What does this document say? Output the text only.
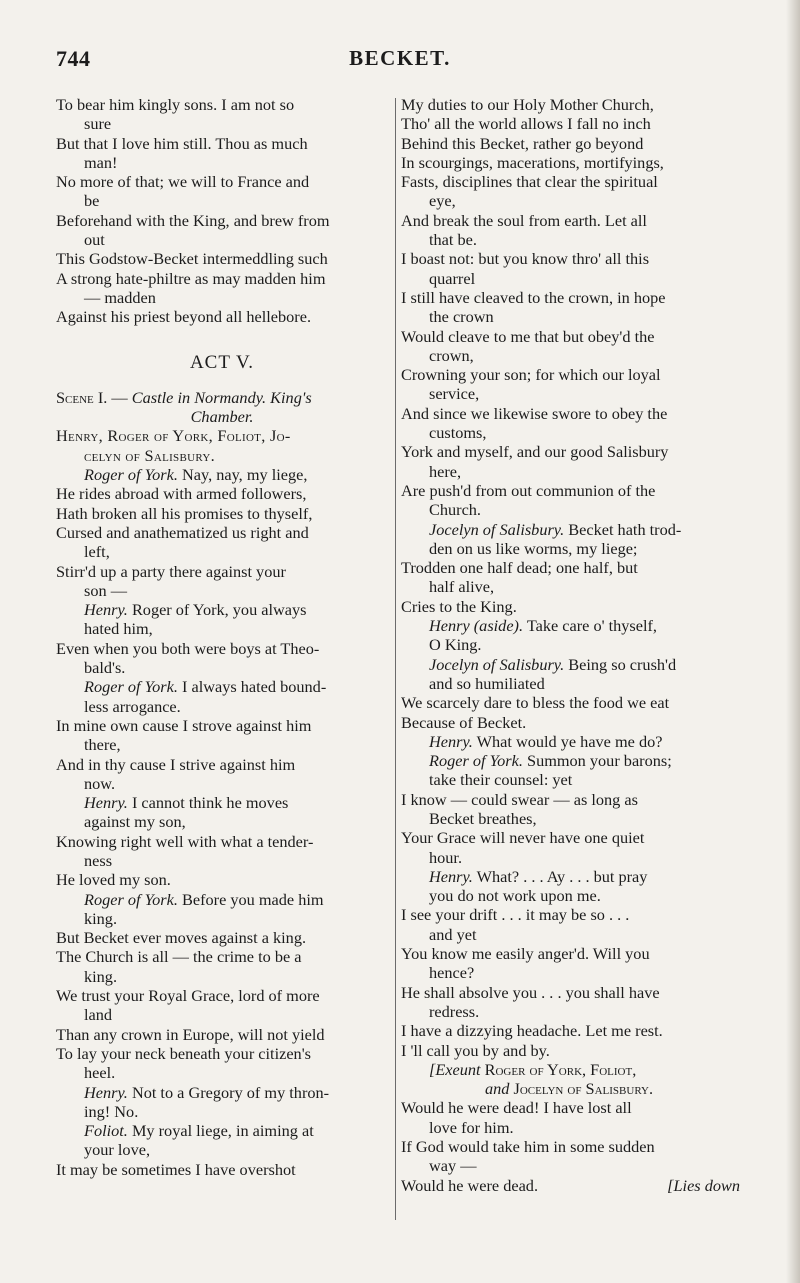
744	BECKET.
To bear him kingly sons. I am not so
sure
But that I love him still. Thou as much
man!
No more of that; we will to France and
be
Beforehand with the King, and brew from
out
This Godstow-Becket intermeddling such
A strong hate-philtre as may madden him
— madden
Against his priest beyond all hellebore.
ACT V.
Scene I. — Castle in Normandy. King's
Chamber.
Henry, Roger of York, Foliot, Jo-
celyn of Salisbury.
Roger of York. Nay, nay, my liege,
He rides abroad with armed followers,
Hath broken all his promises to thyself,
Cursed and anathematized us right and
left,
Stirr'd up a party there against your
son —
Henry. Roger of York, you always
hated him,
Even when you both were boys at Theo-
bald's.
Roger of York. I always hated bound-
less arrogance.
In mine own cause I strove against him
there,
And in thy cause I strive against him
now.
Henry. I cannot think he moves
against my son,
Knowing right well with what a tender-
ness
He loved my son.
Roger of York. Before you made him
king.
But Becket ever moves against a king.
The Church is all — the crime to be a
king.
We trust your Royal Grace, lord of more
land
Than any crown in Europe, will not yield
To lay your neck beneath your citizen's
heel.
Henry. Not to a Gregory of my thron-
ing! No.
Foliot. My royal liege, in aiming at
your love,
It may be sometimes I have overshot
My duties to our Holy Mother Church,
Tho' all the world allows I fall no inch
Behind this Becket, rather go beyond
In scourgings, macerations, mortifyings,
Fasts, disciplines that clear the spiritual
eye,
And break the soul from earth. Let all
that be.
I boast not: but you know thro' all this
quarrel
I still have cleaved to the crown, in hope
the crown
Would cleave to me that but obey'd the
crown,
Crowning your son; for which our loyal
service,
And since we likewise swore to obey the
customs,
York and myself, and our good Salisbury
here,
Are push'd from out communion of the
Church.
Jocelyn of Salisbury. Becket hath trod-
den on us like worms, my liege;
Trodden one half dead; one half, but
half alive,
Cries to the King.
Henry (aside). Take care o' thyself,
O King.
Jocelyn of Salisbury. Being so crush'd
and so humiliated
We scarcely dare to bless the food we eat
Because of Becket.
Henry. What would ye have me do?
Roger of York. Summon your barons;
take their counsel: yet
I know — could swear — as long as
Becket breathes,
Your Grace will never have one quiet
hour.
Henry. What? . . . Ay . . . but pray
you do not work upon me.
I see your drift . . . it may be so . . .
and yet
You know me easily anger'd. Will you
hence?
He shall absolve you . . . you shall have
redress.
I have a dizzying headache. Let me rest.
I 'll call you by and by.
[Exeunt Roger of York, Foliot,
and Jocelyn of Salisbury.
Would he were dead! I have lost all
love for him.
If God would take him in some sudden
way —
Would he were dead.	[Lies down
